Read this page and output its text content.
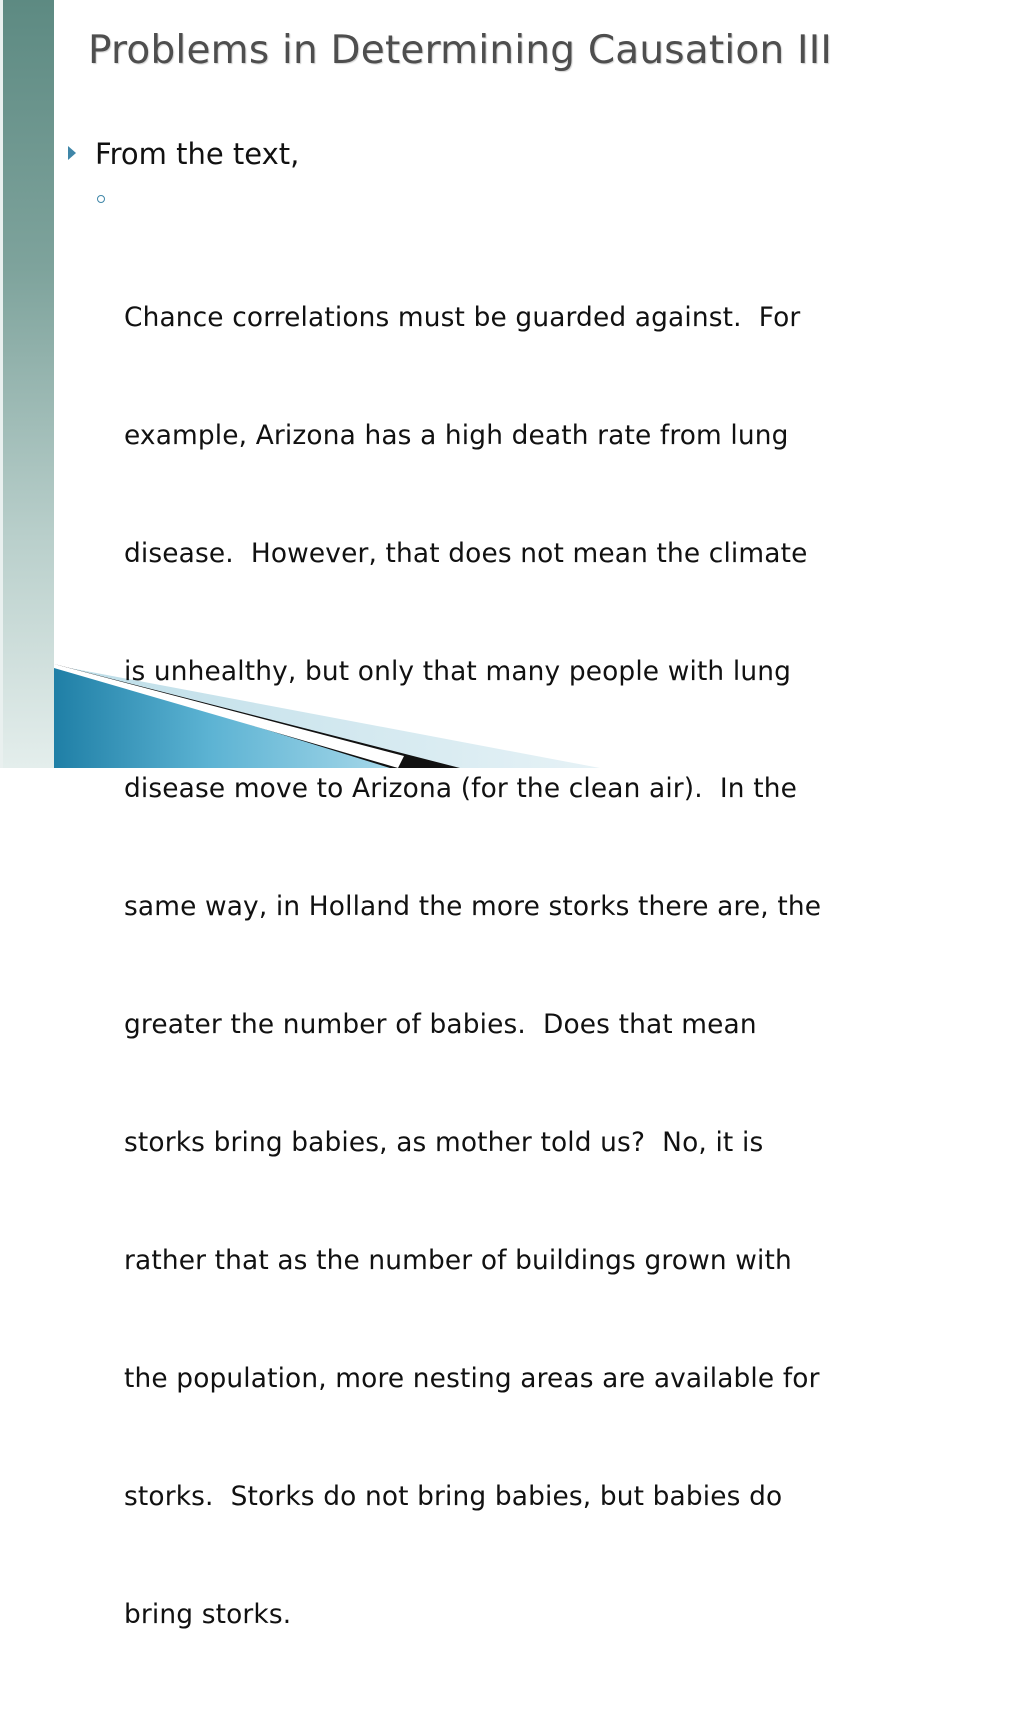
Problems in Determining Causation III
From the text,

Chance correlations must be guarded against.  For

example, Arizona has a high death rate from lung

disease.  However, that does not mean the climate

is unhealthy, but only that many people with lung

disease move to Arizona (for the clean air).  In the

same way, in Holland the more storks there are, the

greater the number of babies.  Does that mean

storks bring babies, as mother told us?  No, it is

rather that as the number of buildings grown with

the population, more nesting areas are available for

storks.  Storks do not bring babies, but babies do

bring storks.
